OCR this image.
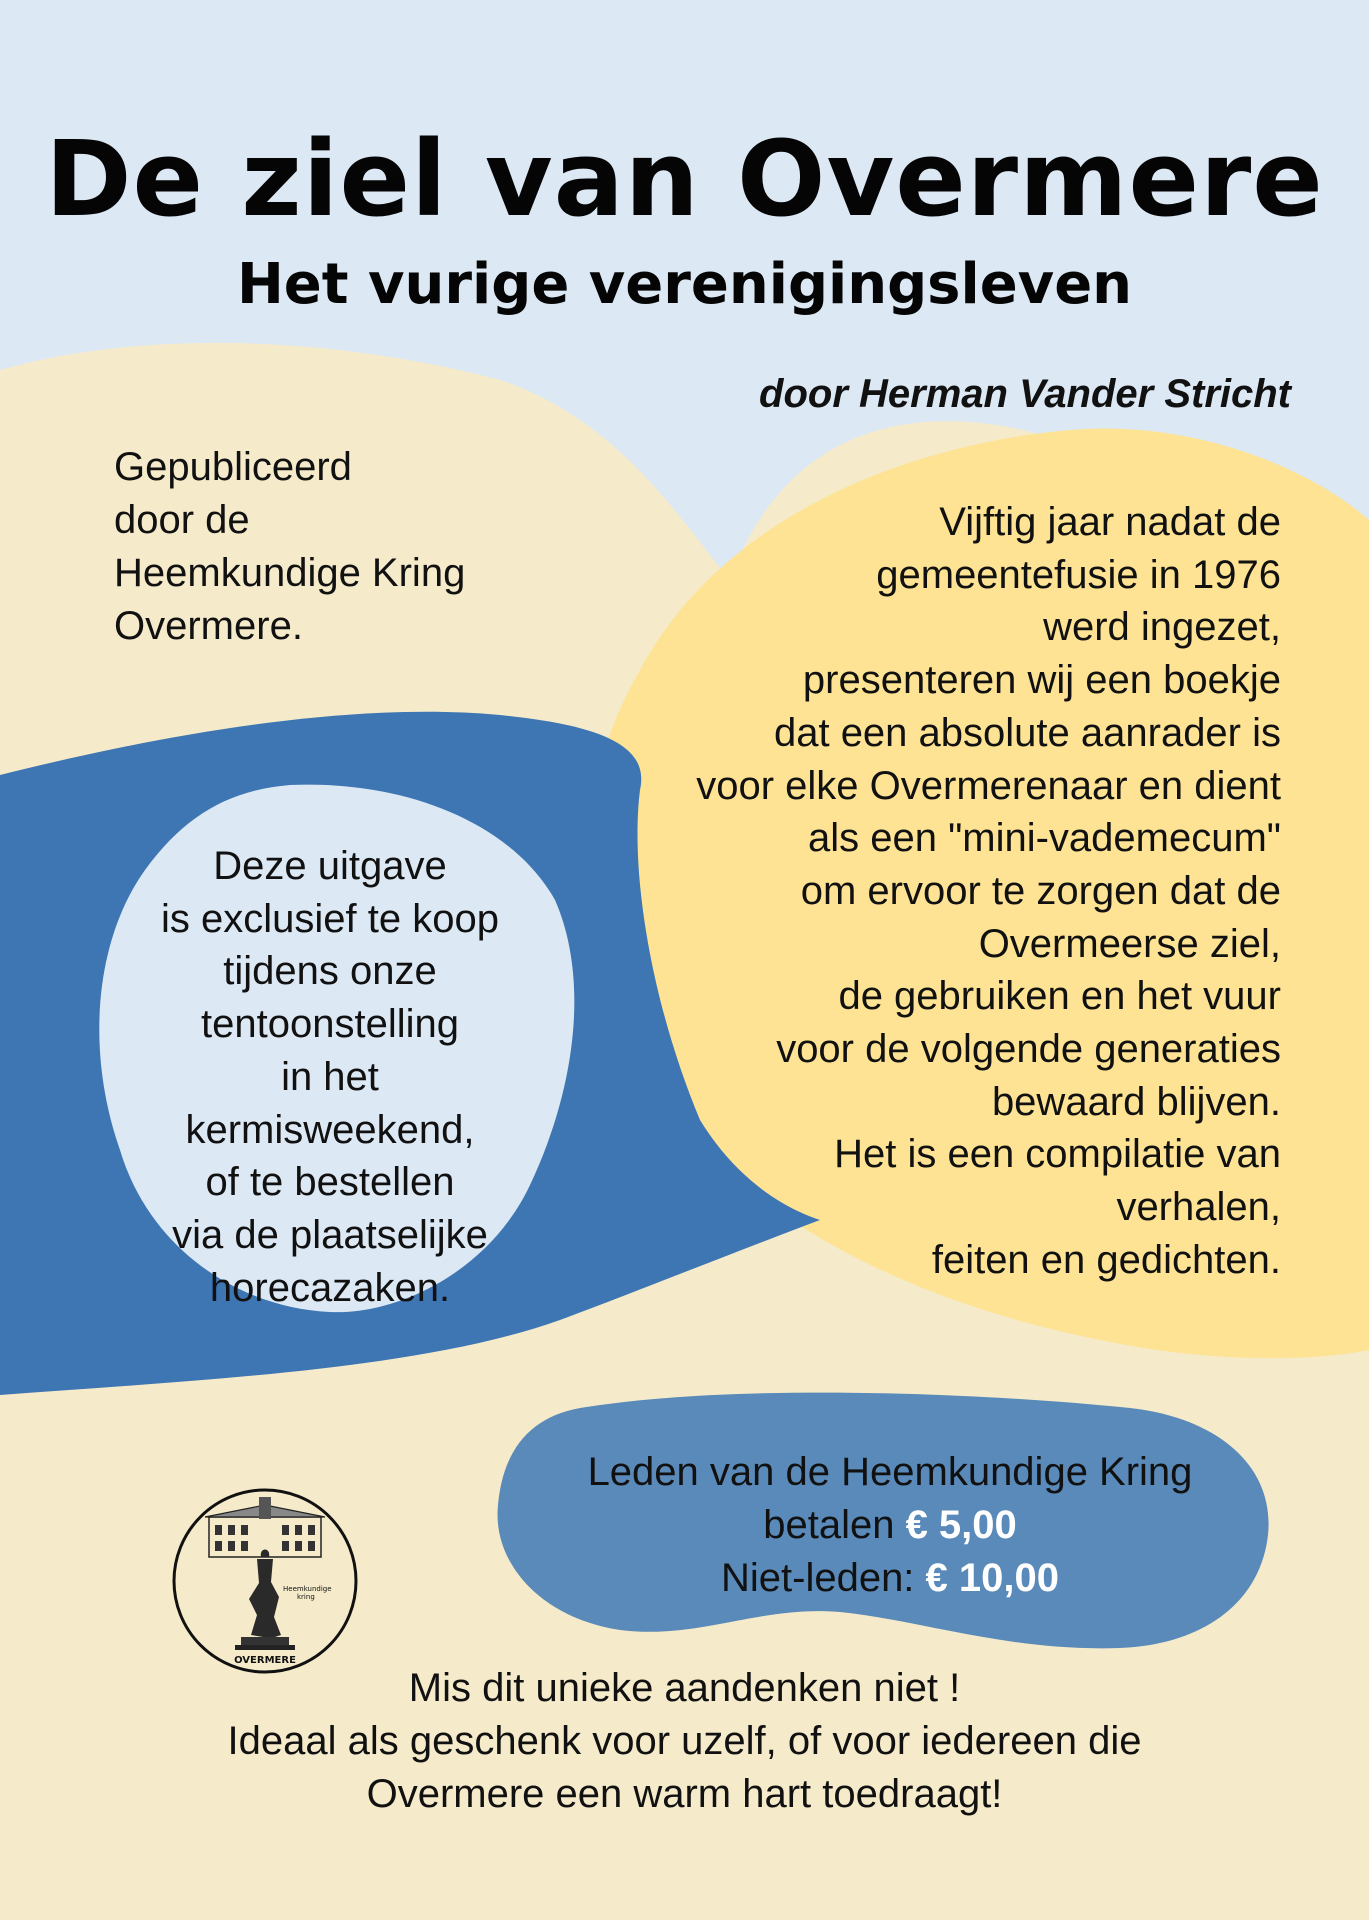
De ziel van Overmere
Het vurige verenigingsleven
door Herman Vander Stricht
Gepubliceerd
door de
Heemkundige Kring
Overmere.
Vijftig jaar nadat de
gemeentefusie in 1976
werd ingezet,
presenteren wij een boekje
dat een absolute aanrader is
voor elke Overmerenaar en dient
als een "mini-vademecum"
om ervoor te zorgen dat de
Overmeerse ziel,
de gebruiken en het vuur
voor de volgende generaties
bewaard blijven.
Het is een compilatie van
verhalen,
feiten en gedichten.
Deze uitgave
is exclusief te koop
tijdens onze
tentoonstelling
in het
kermisweekend,
of te bestellen
via de plaatselijke
horecazaken.
Leden van de Heemkundige Kring
betalen € 5,00
Niet-leden: € 10,00
Heemkundige
kring
OVERMERE
Mis dit unieke aandenken niet !
Ideaal als geschenk voor uzelf, of voor iedereen die
Overmere een warm hart toedraagt!
